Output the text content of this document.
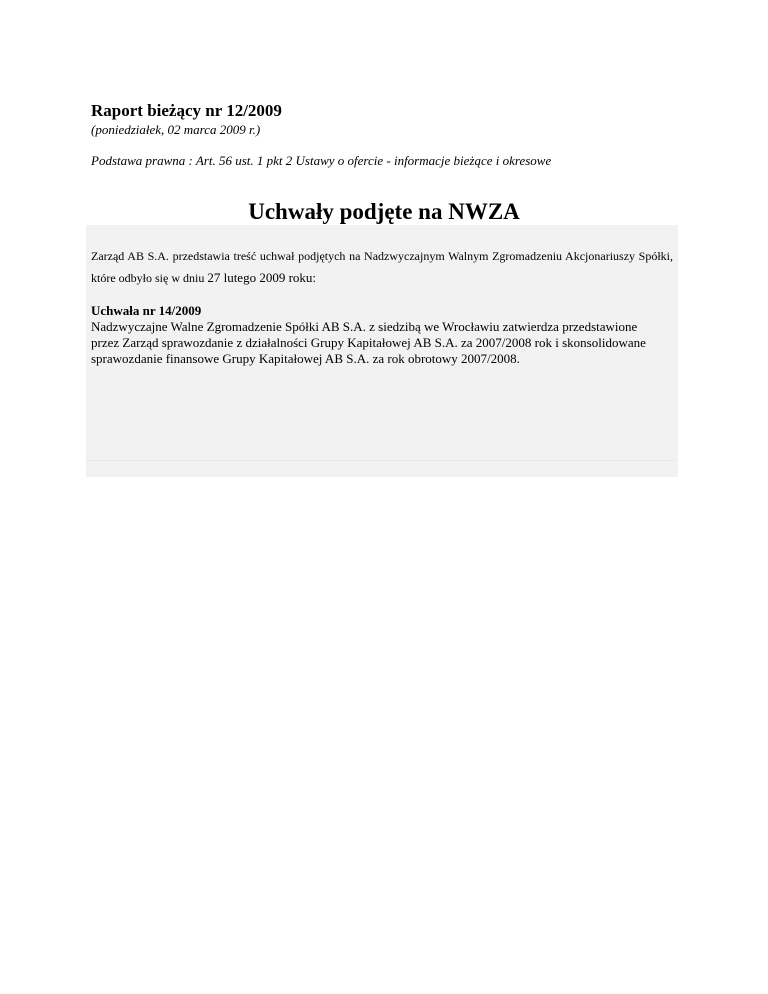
Raport bieżący nr 12/2009

(poniedziałek, 02 marca 2009 r.)

Podstawa prawna : Art. 56 ust. 1 pkt 2 Ustawy o ofercie - informacje bieżące i okresowe

Uchwały podjęte na NWZA

Zarząd AB S.A. przedstawia treść uchwał podjętych na Nadzwyczajnym Walnym Zgromadzeniu Akcjonariuszy Spółki, które odbyło się w dniu 27 lutego 2009 roku:

Uchwała nr 14/2009

Nadzwyczajne Walne Zgromadzenie Spółki AB S.A. z siedzibą we Wrocławiu zatwierdza przedstawione przez Zarząd sprawozdanie z działalności Grupy Kapitałowej AB S.A. za 2007/2008 rok i skonsolidowane sprawozdanie finansowe Grupy Kapitałowej AB S.A. za rok obrotowy 2007/2008.
